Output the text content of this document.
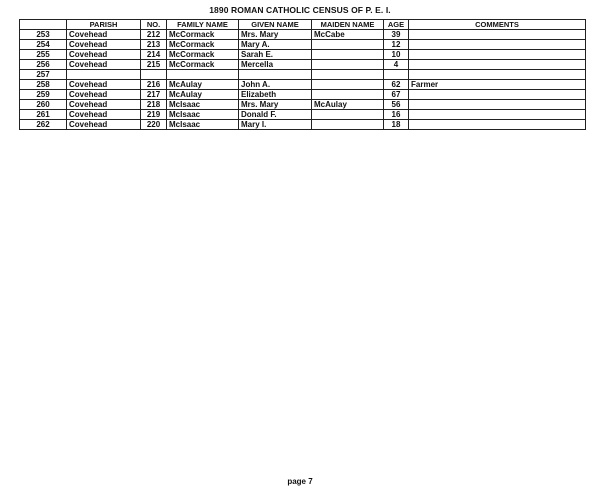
1890 ROMAN CATHOLIC CENSUS OF P. E. I.
	PARISH	NO.	FAMILY NAME	GIVEN NAME	MAIDEN NAME	AGE	COMMENTS
253	Covehead	212	McCormack	Mrs. Mary	McCabe	39	
254	Covehead	213	McCormack	Mary A.		12	
255	Covehead	214	McCormack	Sarah E.		10	
256	Covehead	215	McCormack	Mercella		4	
257							
258	Covehead	216	McAulay	John A.		62	Farmer
259	Covehead	217	McAulay	Elizabeth		67	
260	Covehead	218	McIsaac	Mrs. Mary	McAulay	56	
261	Covehead	219	McIsaac	Donald F.		16	
262	Covehead	220	McIsaac	Mary I.		18	
page 7
